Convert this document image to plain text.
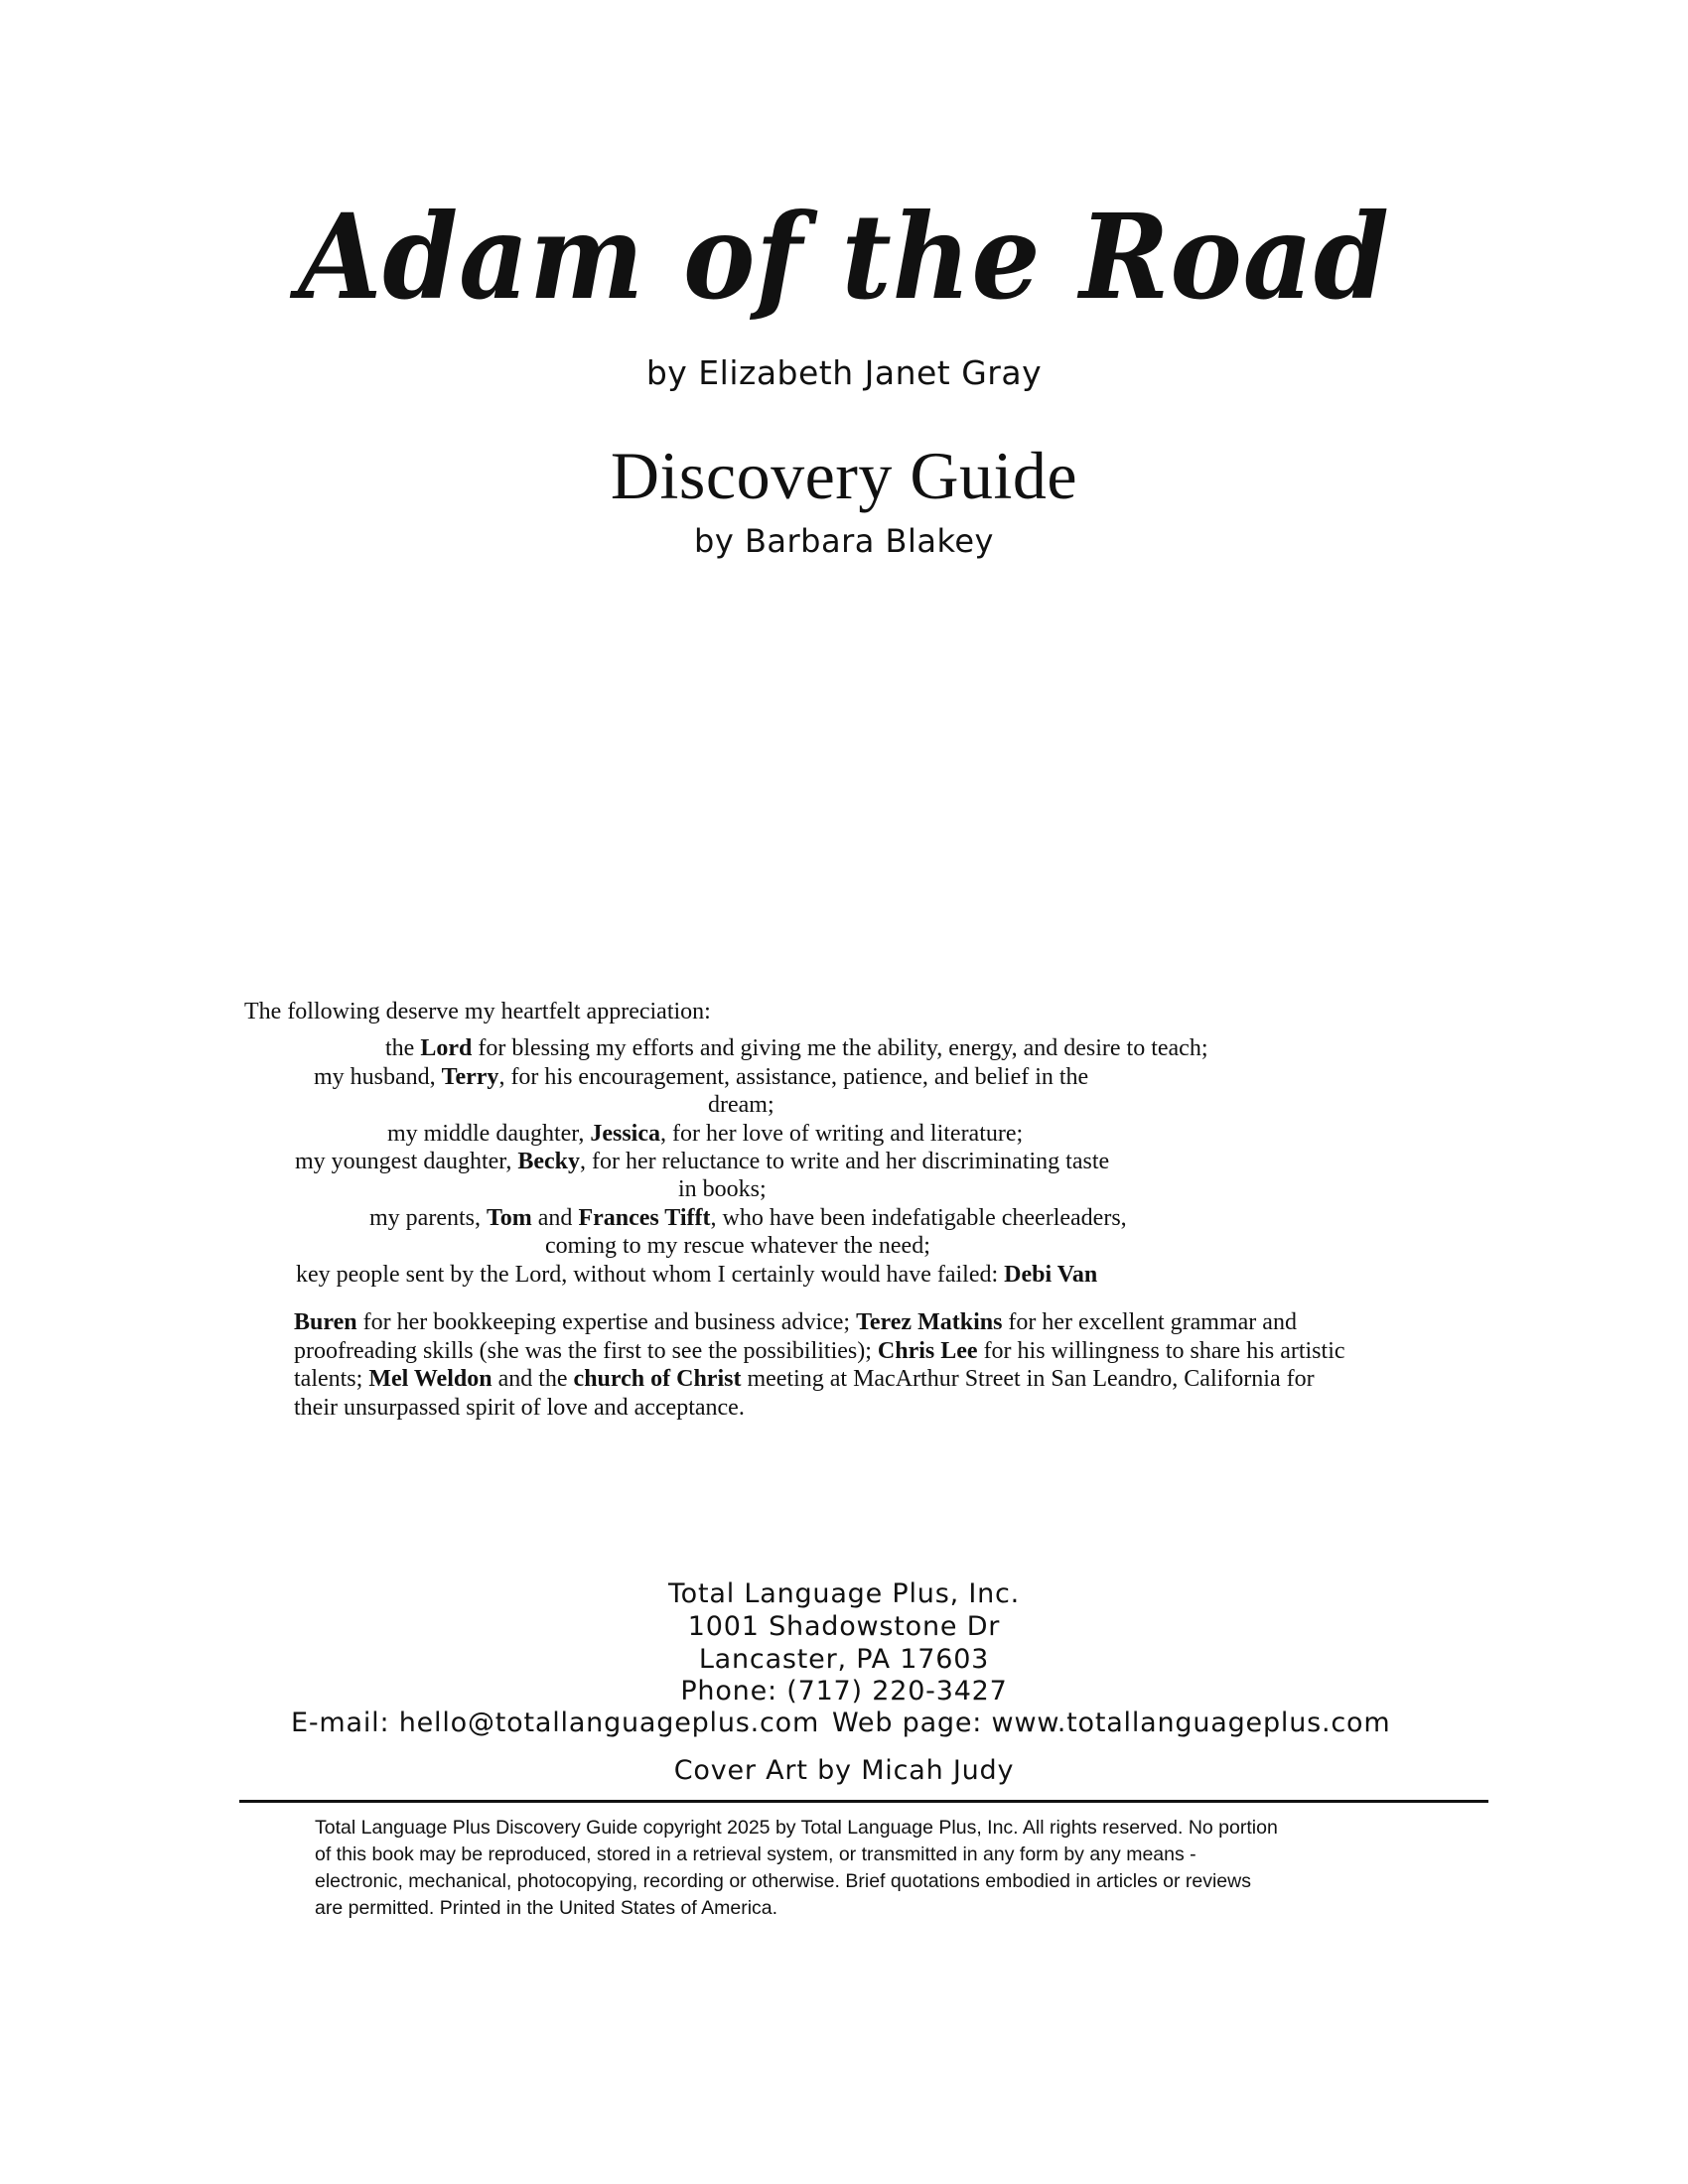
Adam of the Road
by Elizabeth Janet Gray
Discovery Guide
by Barbara Blakey
The following deserve my heartfelt appreciation:
the Lord for blessing my efforts and giving me the ability, energy, and desire to teach;
my husband, Terry, for his encouragement, assistance, patience, and belief in the
dream;
my middle daughter, Jessica, for her love of writing and literature;
my youngest daughter, Becky, for her reluctance to write and her discriminating taste
in books;
my parents, Tom and Frances Tifft, who have been indefatigable cheerleaders,
coming to my rescue whatever the need;
key people sent by the Lord, without whom I certainly would have failed: Debi Van
Buren for her bookkeeping expertise and business advice; Terez Matkins for her excellent grammar and proofreading skills (she was the first to see the possibilities); Chris Lee for his willingness to share his artistic talents; Mel Weldon and the church of Christ meeting at MacArthur Street in San Leandro, California for their unsurpassed spirit of love and acceptance.
Total Language Plus, Inc.
1001 Shadowstone Dr
Lancaster, PA 17603
Phone: (717) 220-3427
E-mail: hello@totallanguageplus.com Web page: www.totallanguageplus.com
Cover Art by Micah Judy
Total Language Plus Discovery Guide copyright 2025 by Total Language Plus, Inc. All rights reserved. No portion
of this book may be reproduced, stored in a retrieval system, or transmitted in any form by any means -
electronic, mechanical, photocopying, recording or otherwise. Brief quotations embodied in articles or reviews
are permitted. Printed in the United States of America.
